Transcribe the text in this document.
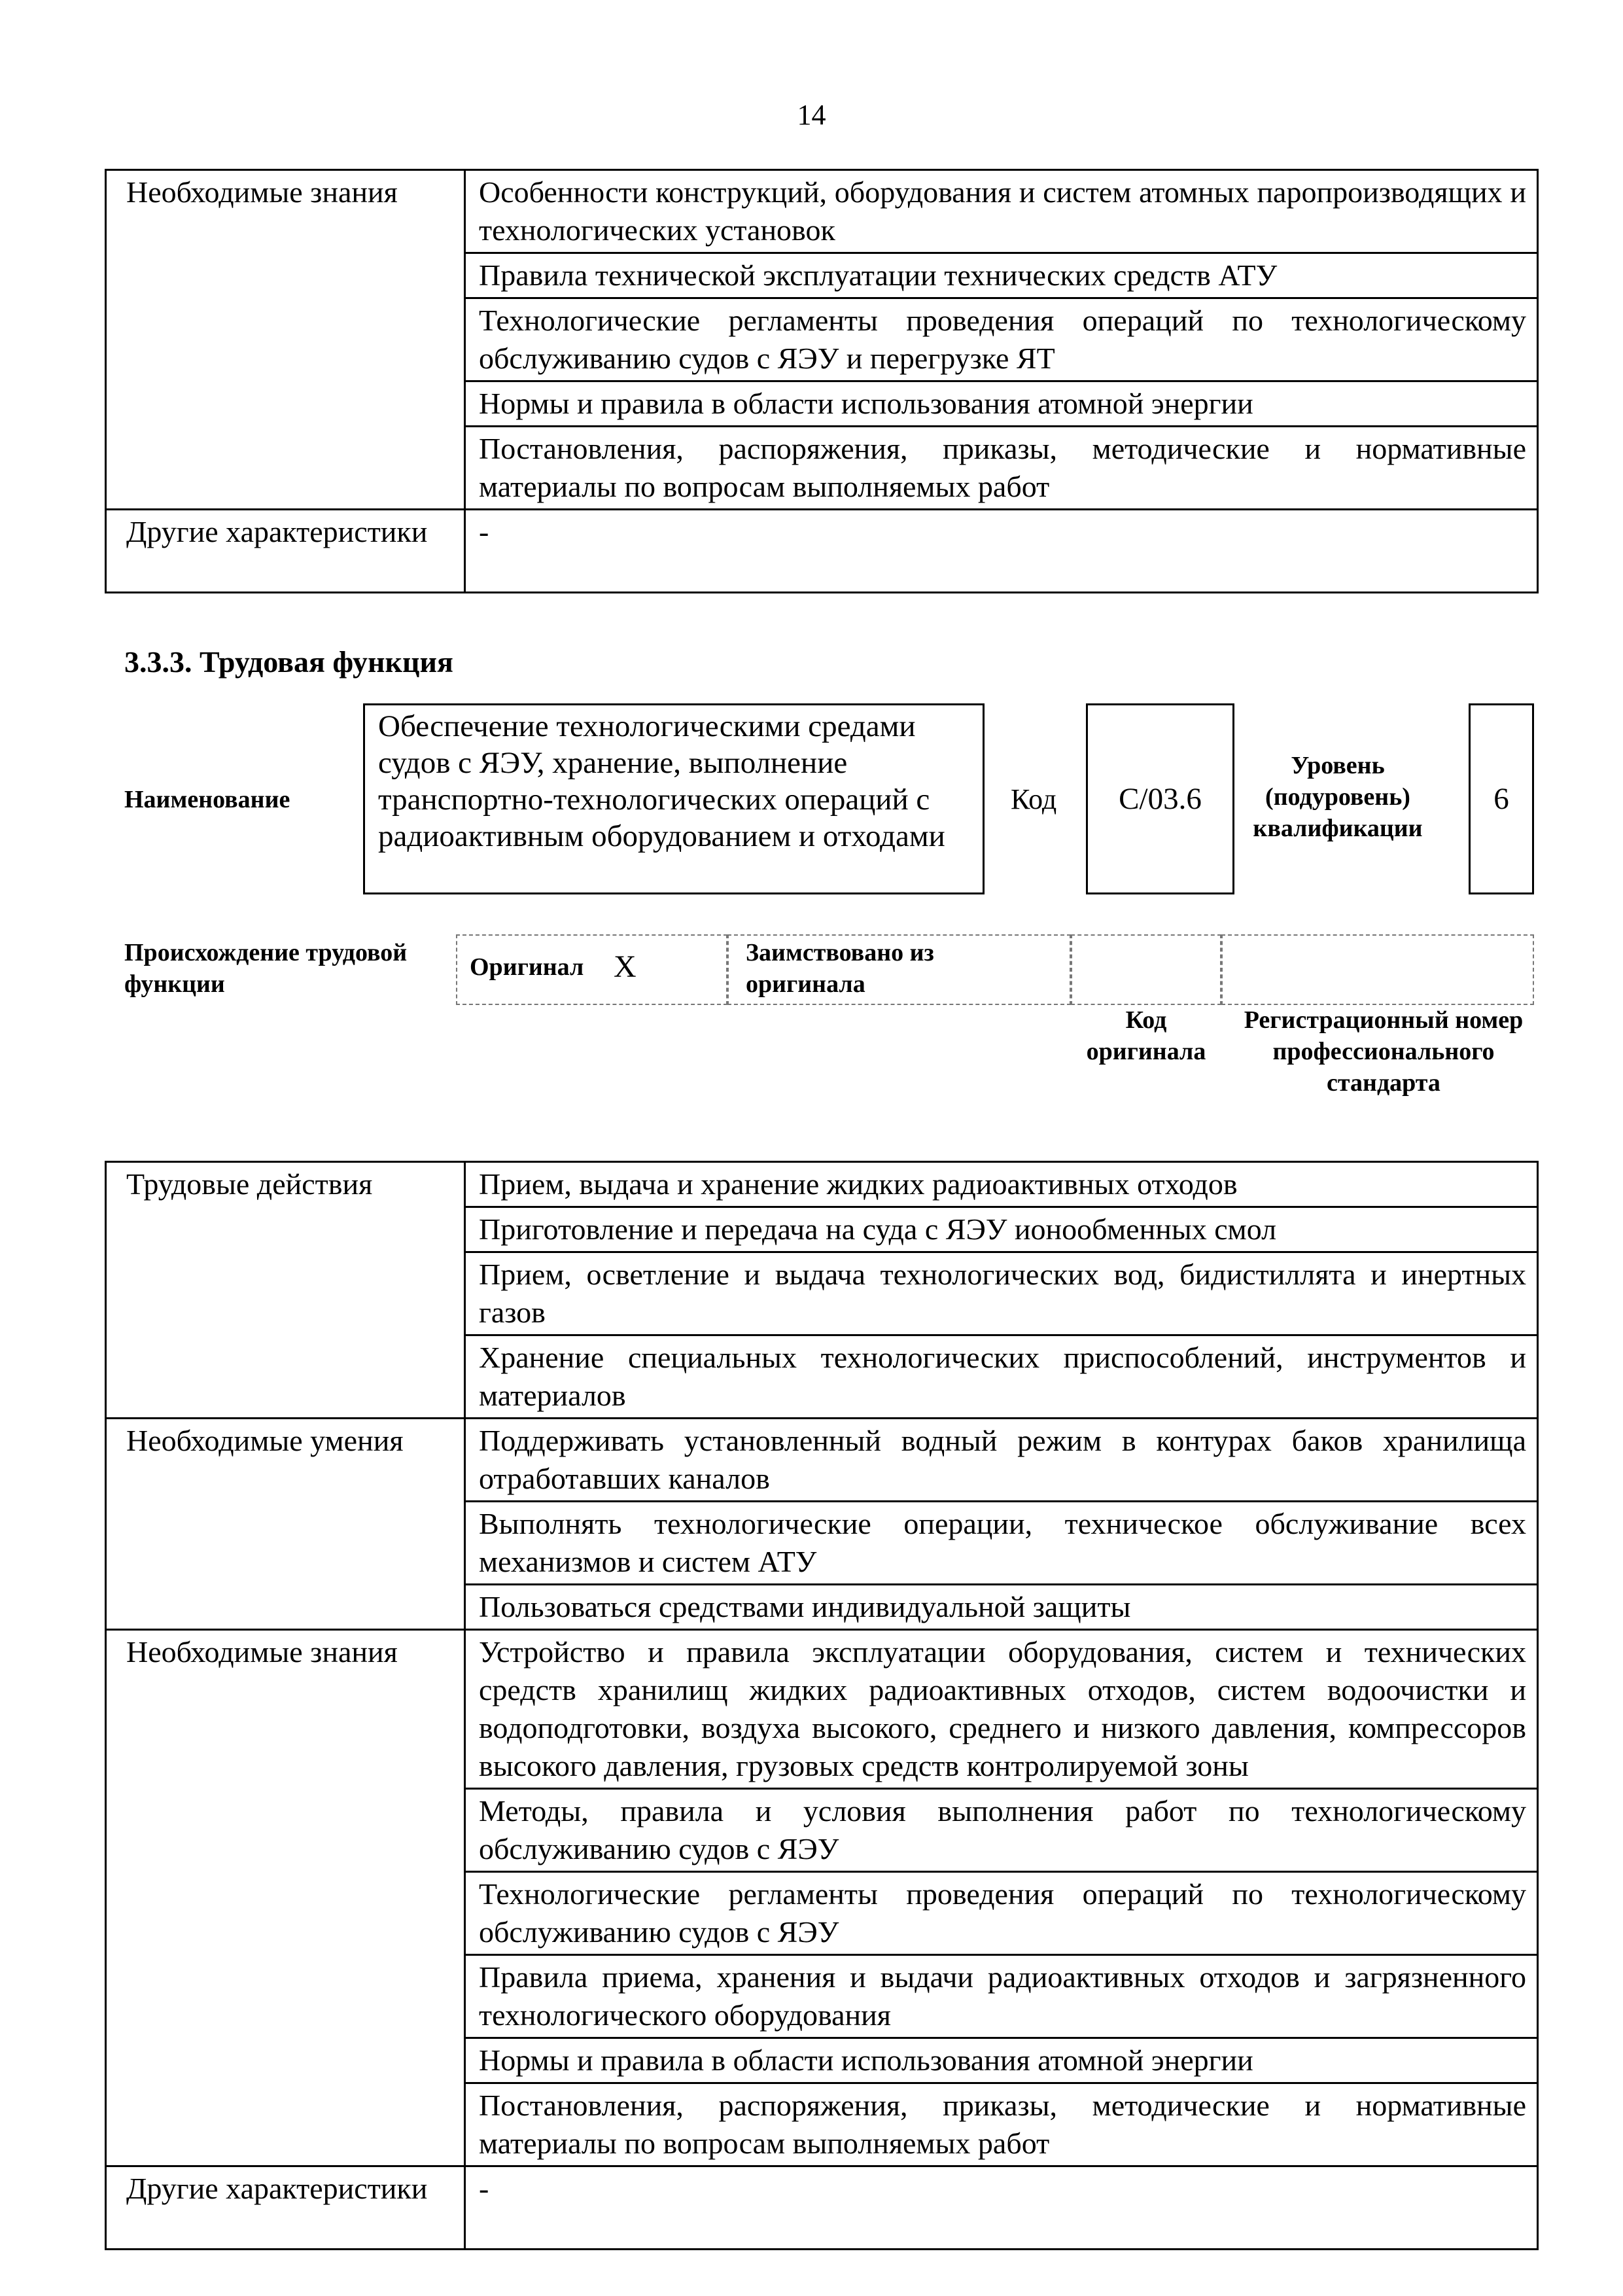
14
Необходимые знания	Особенности конструкций, оборудования и систем атомных паропроизводящих и технологических установок
	Правила технической эксплуатации технических средств АТУ
	Технологические регламенты проведения операций по технологическому обслуживанию судов с ЯЭУ и перегрузке ЯТ
	Нормы и правила в области использования атомной энергии
	Постановления, распоряжения, приказы, методические и нормативные материалы по вопросам выполняемых работ
Другие характеристики	-
3.3.3. Трудовая функция
Наименование
Обеспечение технологическими средами судов с ЯЭУ, хранение, выполнение транспортно-технологических операций с радиоактивным оборудованием и отходами
Код C/03.6
Уровень (подуровень) квалификации
6
Происхождение трудовой функции
Оригинал X	Заимствовано из оригинала
Код оригинала
Регистрационный номер профессионального стандарта
Трудовые действия	Прием, выдача и хранение жидких радиоактивных отходов
	Приготовление и передача на суда с ЯЭУ ионообменных смол
	Прием, осветление и выдача технологических вод, бидистиллята и инертных газов
	Хранение специальных технологических приспособлений, инструментов и материалов
Необходимые умения	Поддерживать установленный водный режим в контурах баков хранилища отработавших каналов
	Выполнять технологические операции, техническое обслуживание всех механизмов и систем АТУ
	Пользоваться средствами индивидуальной защиты
Необходимые знания	Устройство и правила эксплуатации оборудования, систем и технических средств хранилищ жидких радиоактивных отходов, систем водоочистки и водоподготовки, воздуха высокого, среднего и низкого давления, компрессоров высокого давления, грузовых средств контролируемой зоны
	Методы, правила и условия выполнения работ по технологическому обслуживанию судов с ЯЭУ
	Технологические регламенты проведения операций по технологическому обслуживанию судов с ЯЭУ
	Правила приема, хранения и выдачи радиоактивных отходов и загрязненного технологического оборудования
	Нормы и правила в области использования атомной энергии
	Постановления, распоряжения, приказы, методические и нормативные материалы по вопросам выполняемых работ
Другие характеристики	-
